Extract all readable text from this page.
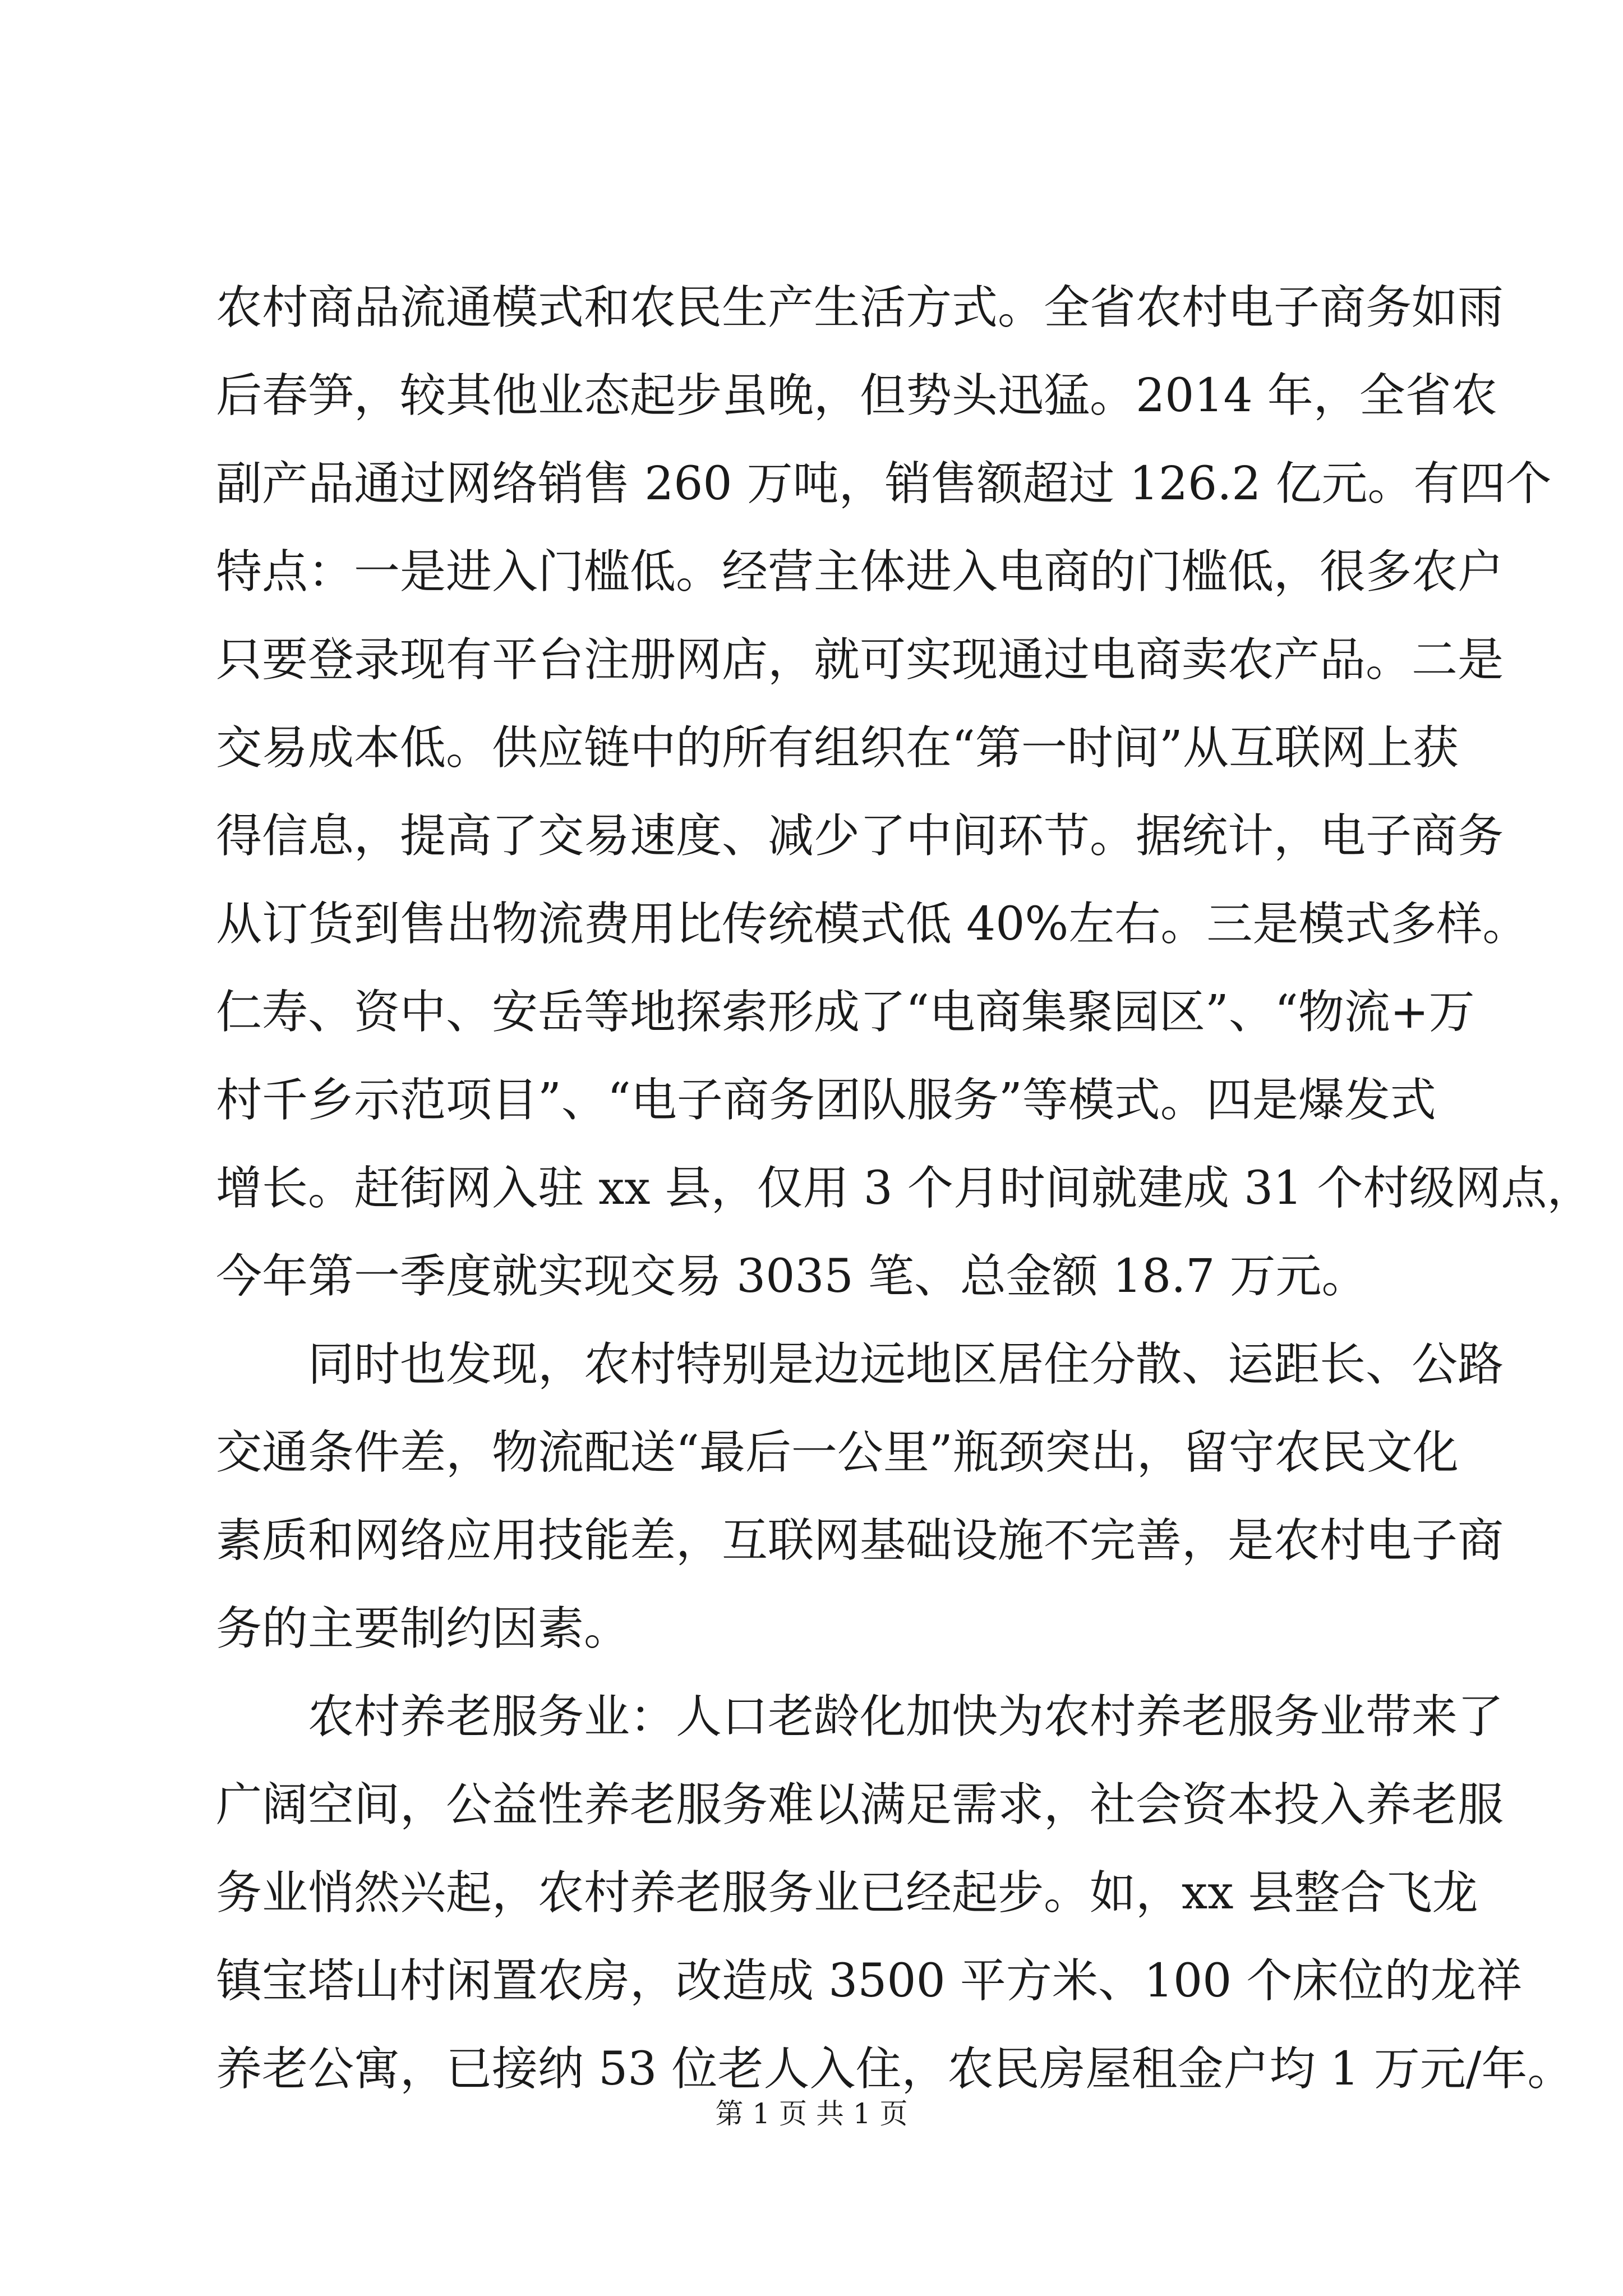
农村商品流通模式和农民生产生活方式。全省农村电子商务如雨
后春笋，较其他业态起步虽晚，但势头迅猛。2014 年，全省农
副产品通过网络销售 260 万吨，销售额超过 126.2 亿元。有四个
特点：一是进入门槛低。经营主体进入电商的门槛低，很多农户
只要登录现有平台注册网店，就可实现通过电商卖农产品。二是
交易成本低。供应链中的所有组织在“第一时间”从互联网上获
得信息，提高了交易速度、减少了中间环节。据统计，电子商务
从订货到售出物流费用比传统模式低 40%左右。三是模式多样。
仁寿、资中、安岳等地探索形成了“电商集聚园区”、“物流+万
村千乡示范项目”、“电子商务团队服务”等模式。四是爆发式
增长。赶街网入驻 xx 县，仅用 3 个月时间就建成 31 个村级网点，
今年第一季度就实现交易 3035 笔、总金额 18.7 万元。
　　同时也发现，农村特别是边远地区居住分散、运距长、公路
交通条件差，物流配送“最后一公里”瓶颈突出，留守农民文化
素质和网络应用技能差，互联网基础设施不完善，是农村电子商
务的主要制约因素。
　　农村养老服务业：人口老龄化加快为农村养老服务业带来了
广阔空间，公益性养老服务难以满足需求，社会资本投入养老服
务业悄然兴起，农村养老服务业已经起步。如，xx 县整合飞龙
镇宝塔山村闲置农房，改造成 3500 平方米、100 个床位的龙祥
养老公寓，已接纳 53 位老人入住，农民房屋租金户均 1 万元/年。
第 1 页 共 1 页
